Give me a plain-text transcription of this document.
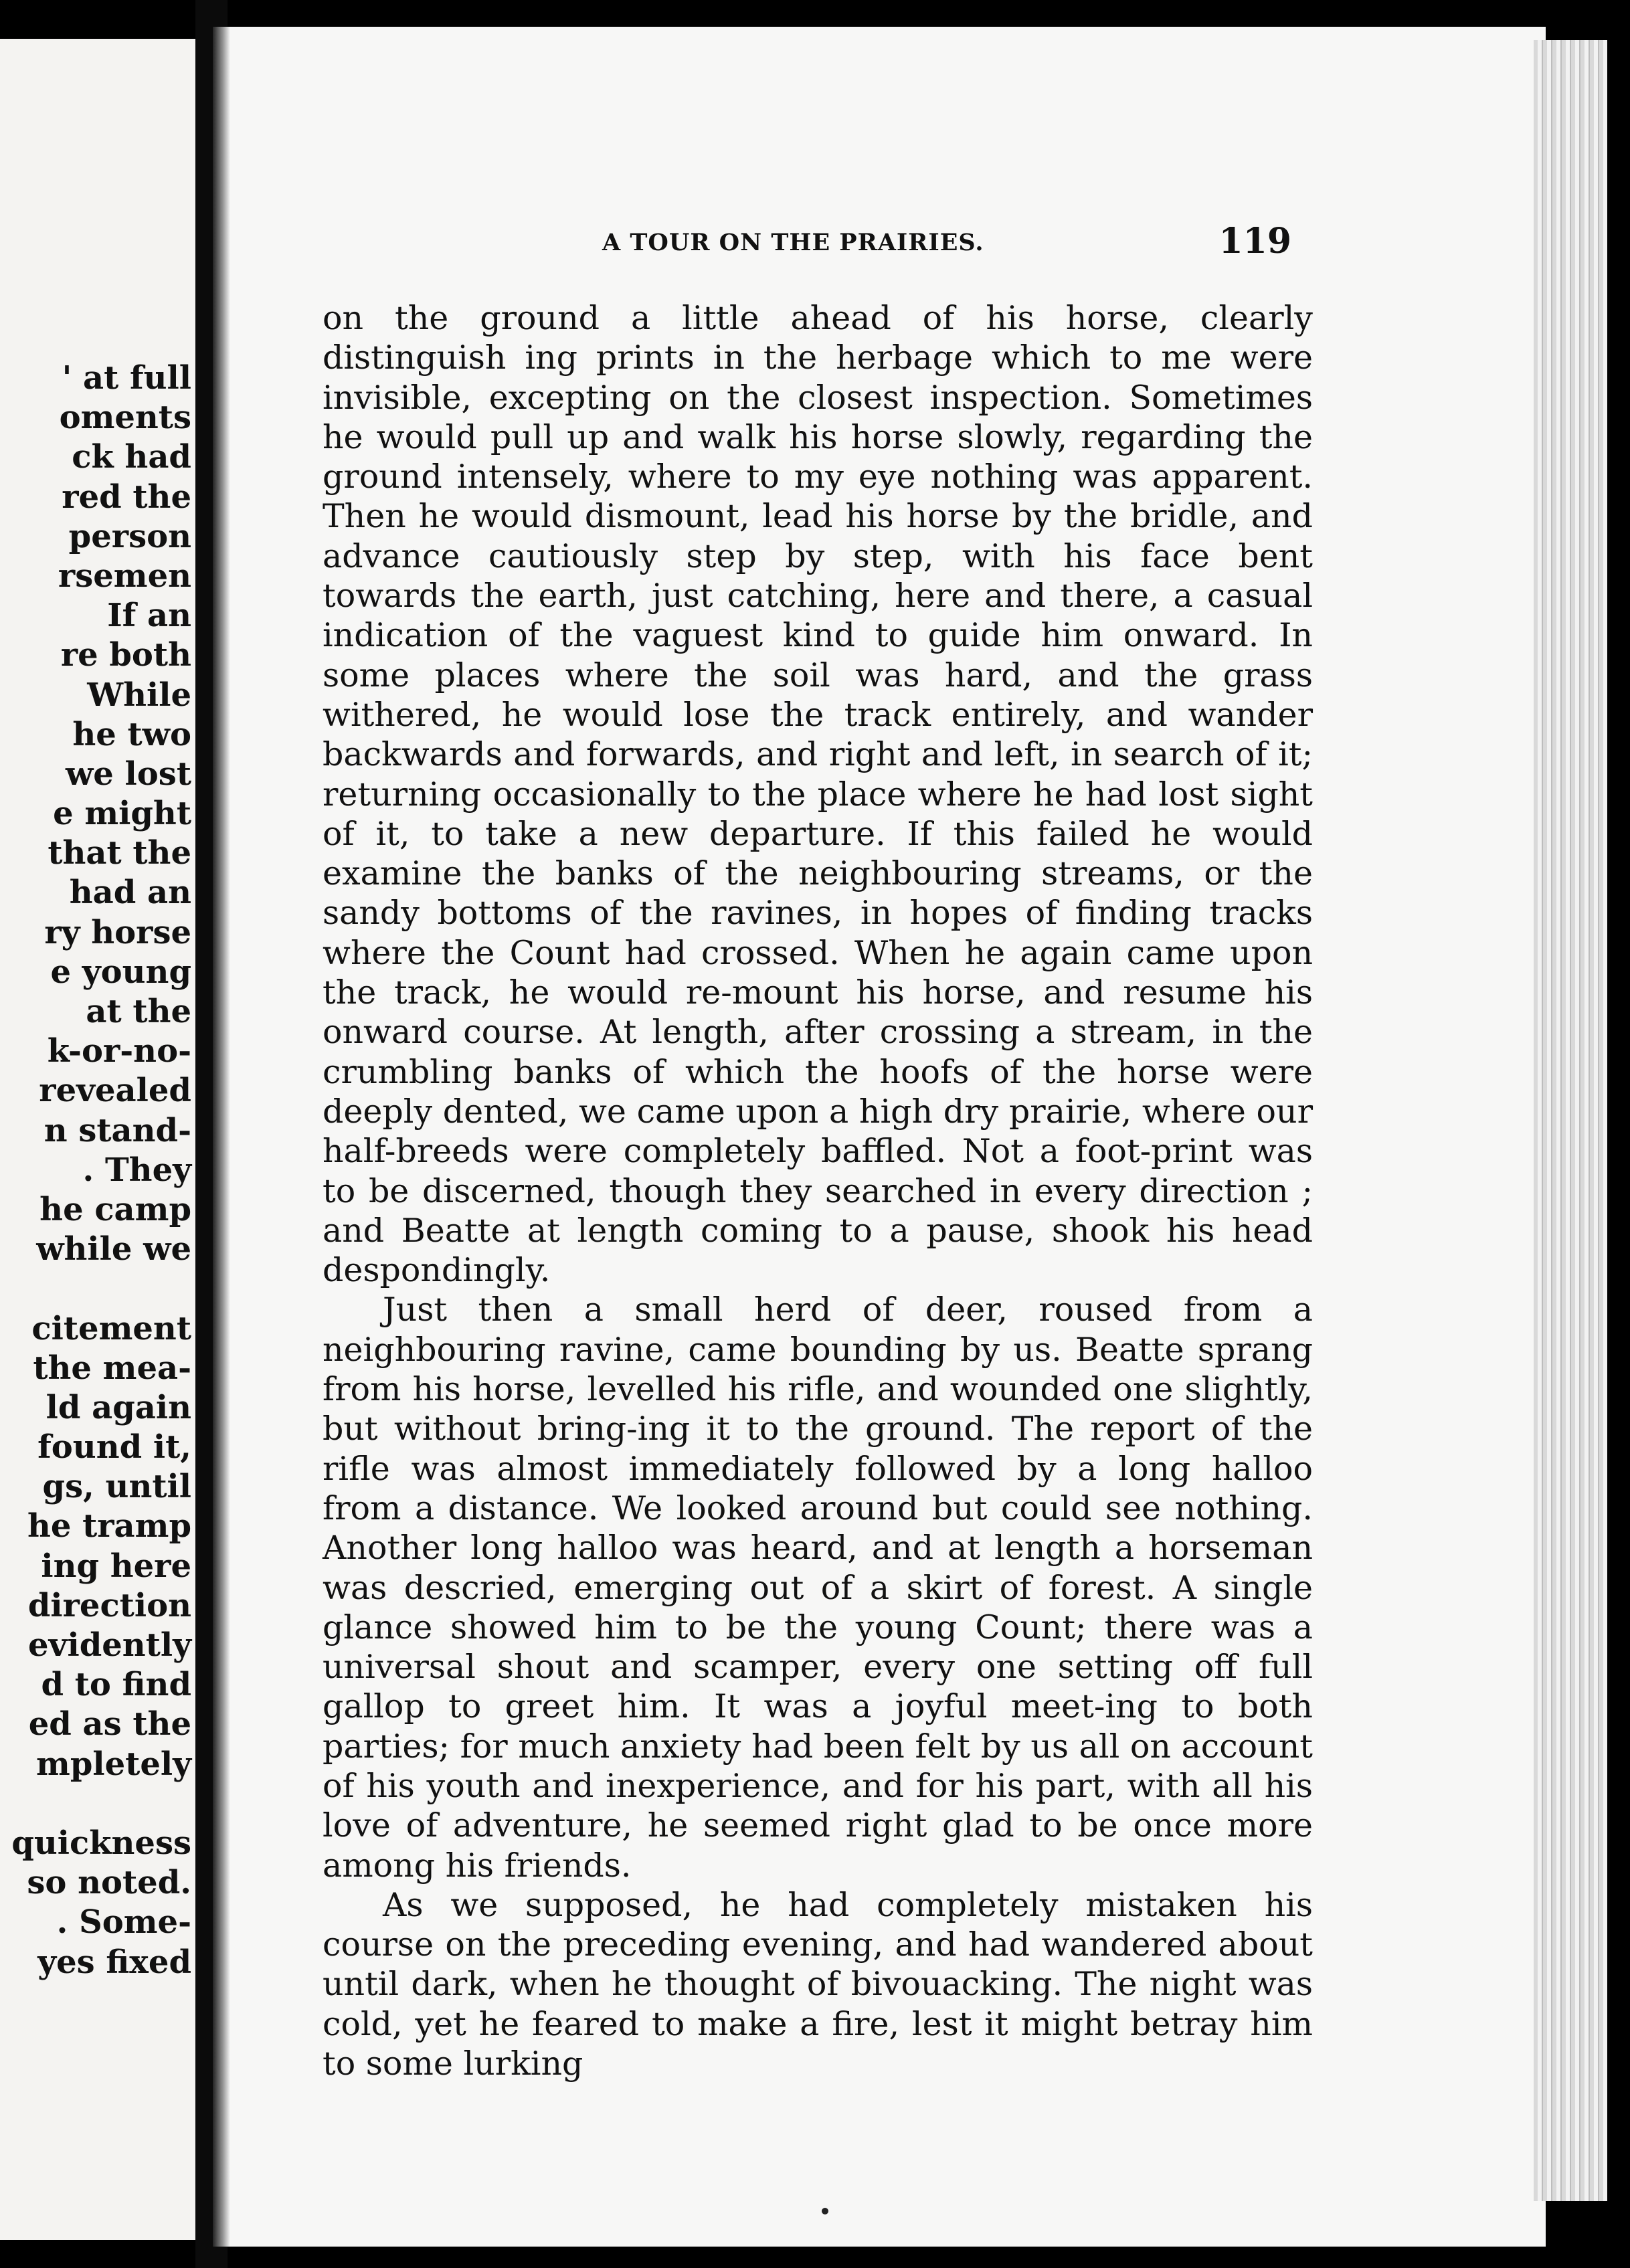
' at full
oments
ck had
red the
person
rsemen
If an
re both
While
he two
we lost
e might
that the
had an
ry horse
e young
at the
k-or-no-
revealed
n stand-
. They
he camp
while we
citement
the mea-
ld again
found it,
gs, until
he tramp
ing here
direction
evidently
d to find
ed as the
mpletely
quickness
so noted.
. Some-
yes fixed
A TOUR ON THE PRAIRIES.	119

on the ground a little ahead of his horse, clearly distinguish ing prints in the herbage which to me were invisible, excepting on the closest inspection. Sometimes he would pull up and walk his horse slowly, regarding the ground intensely, where to my eye nothing was apparent. Then he would dismount, lead his horse by the bridle, and advance cautiously step by step, with his face bent towards the earth, just catching, here and there, a casual indication of the vaguest kind to guide him onward. In some places where the soil was hard, and the grass withered, he would lose the track entirely, and wander backwards and forwards, and right and left, in search of it; returning occasionally to the place where he had lost sight of it, to take a new departure. If this failed he would examine the banks of the neighbouring streams, or the sandy bottoms of the ravines, in hopes of finding tracks where the Count had crossed. When he again came upon the track, he would re-mount his horse, and resume his onward course. At length, after crossing a stream, in the crumbling banks of which the hoofs of the horse were deeply dented, we came upon a high dry prairie, where our half-breeds were completely baffled. Not a foot-print was to be discerned, though they searched in every direction ; and Beatte at length coming to a pause, shook his head despondingly.

Just then a small herd of deer, roused from a neighbouring ravine, came bounding by us. Beatte sprang from his horse, levelled his rifle, and wounded one slightly, but without bring-ing it to the ground. The report of the rifle was almost immediately followed by a long halloo from a distance. We looked around but could see nothing. Another long halloo was heard, and at length a horseman was descried, emerging out of a skirt of forest. A single glance showed him to be the young Count; there was a universal shout and scamper, every one setting off full gallop to greet him. It was a joyful meet-ing to both parties; for much anxiety had been felt by us all on account of his youth and inexperience, and for his part, with all his love of adventure, he seemed right glad to be once more among his friends.

As we supposed, he had completely mistaken his course on the preceding evening, and had wandered about until dark, when he thought of bivouacking. The night was cold, yet he feared to make a fire, lest it might betray him to some lurking
